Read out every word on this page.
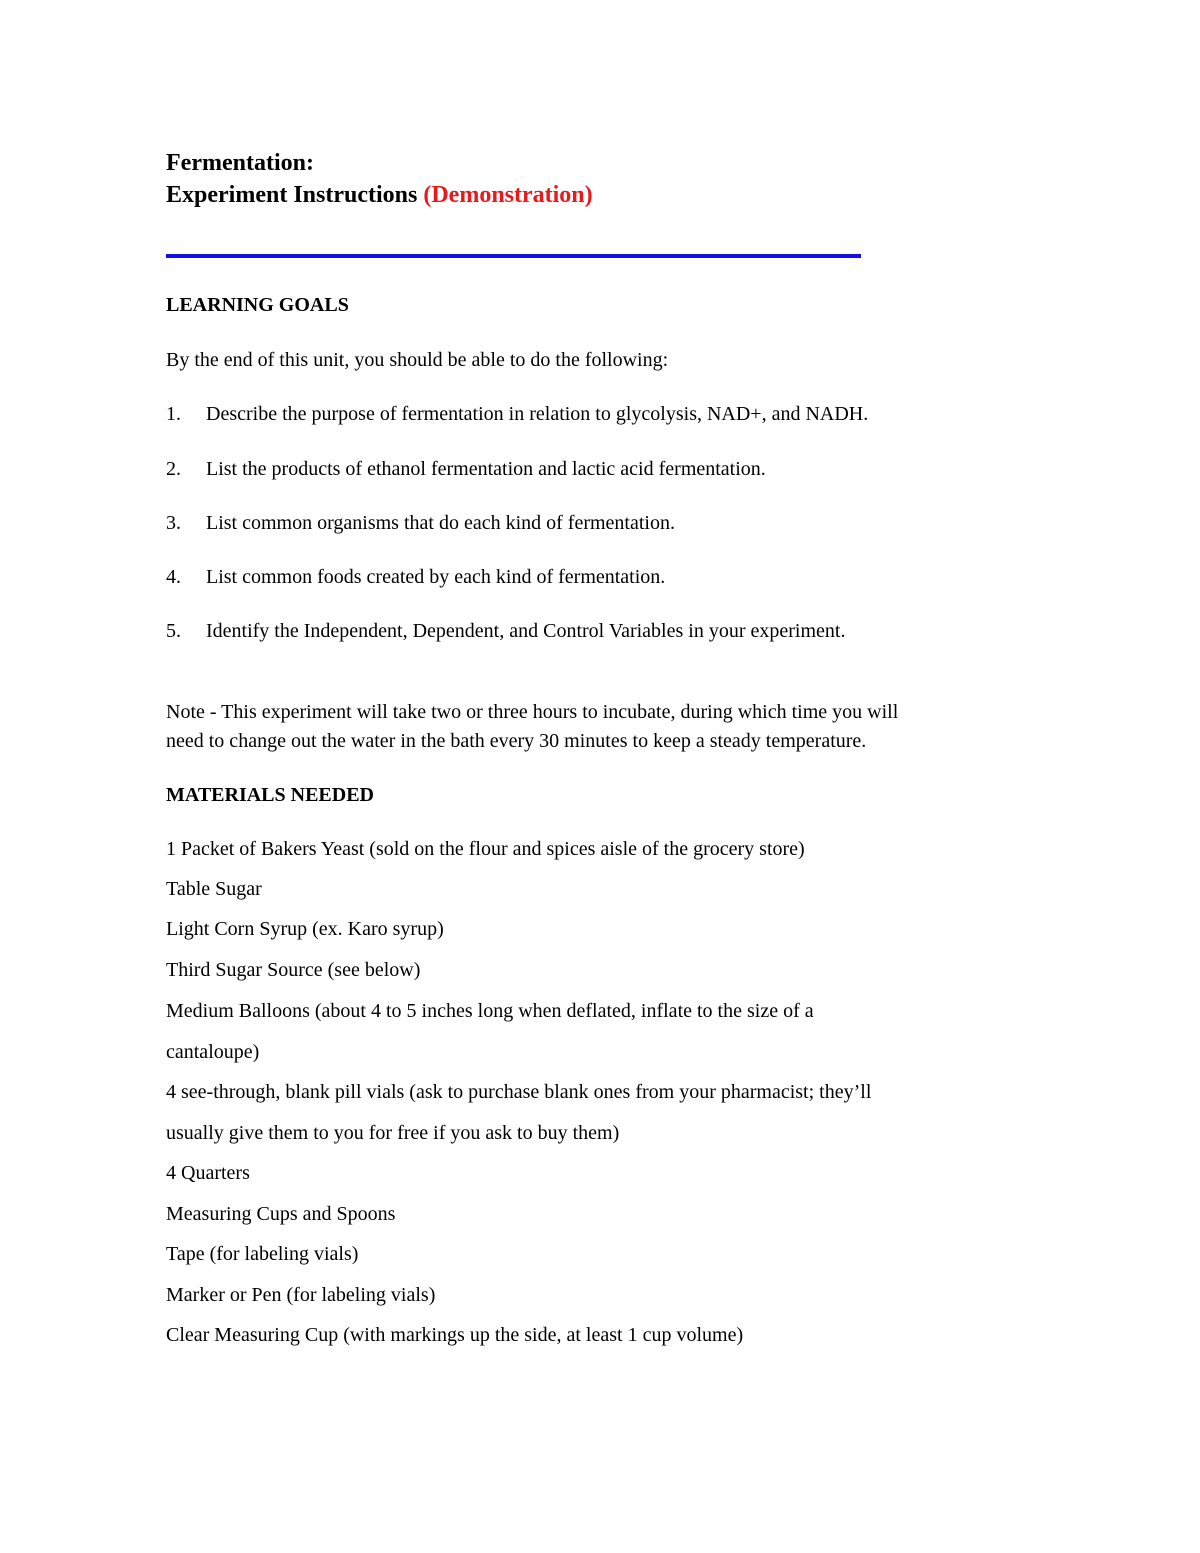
Fermentation:
Experiment Instructions (Demonstration)
LEARNING GOALS
By the end of this unit, you should be able to do the following:
1. Describe the purpose of fermentation in relation to glycolysis, NAD+, and NADH.
2. List the products of ethanol fermentation and lactic acid fermentation.
3. List common organisms that do each kind of fermentation.
4. List common foods created by each kind of fermentation.
5. Identify the Independent, Dependent, and Control Variables in your experiment.
Note - This experiment will take two or three hours to incubate, during which time you will
need to change out the water in the bath every 30 minutes to keep a steady temperature.
MATERIALS NEEDED
1 Packet of Bakers Yeast (sold on the flour and spices aisle of the grocery store)
Table Sugar
Light Corn Syrup (ex. Karo syrup)
Third Sugar Source (see below)
Medium Balloons (about 4 to 5 inches long when deflated, inflate to the size of a
cantaloupe)
4 see-through, blank pill vials (ask to purchase blank ones from your pharmacist; they’ll
usually give them to you for free if you ask to buy them)
4 Quarters
Measuring Cups and Spoons
Tape (for labeling vials)
Marker or Pen (for labeling vials)
Clear Measuring Cup (with markings up the side, at least 1 cup volume)
